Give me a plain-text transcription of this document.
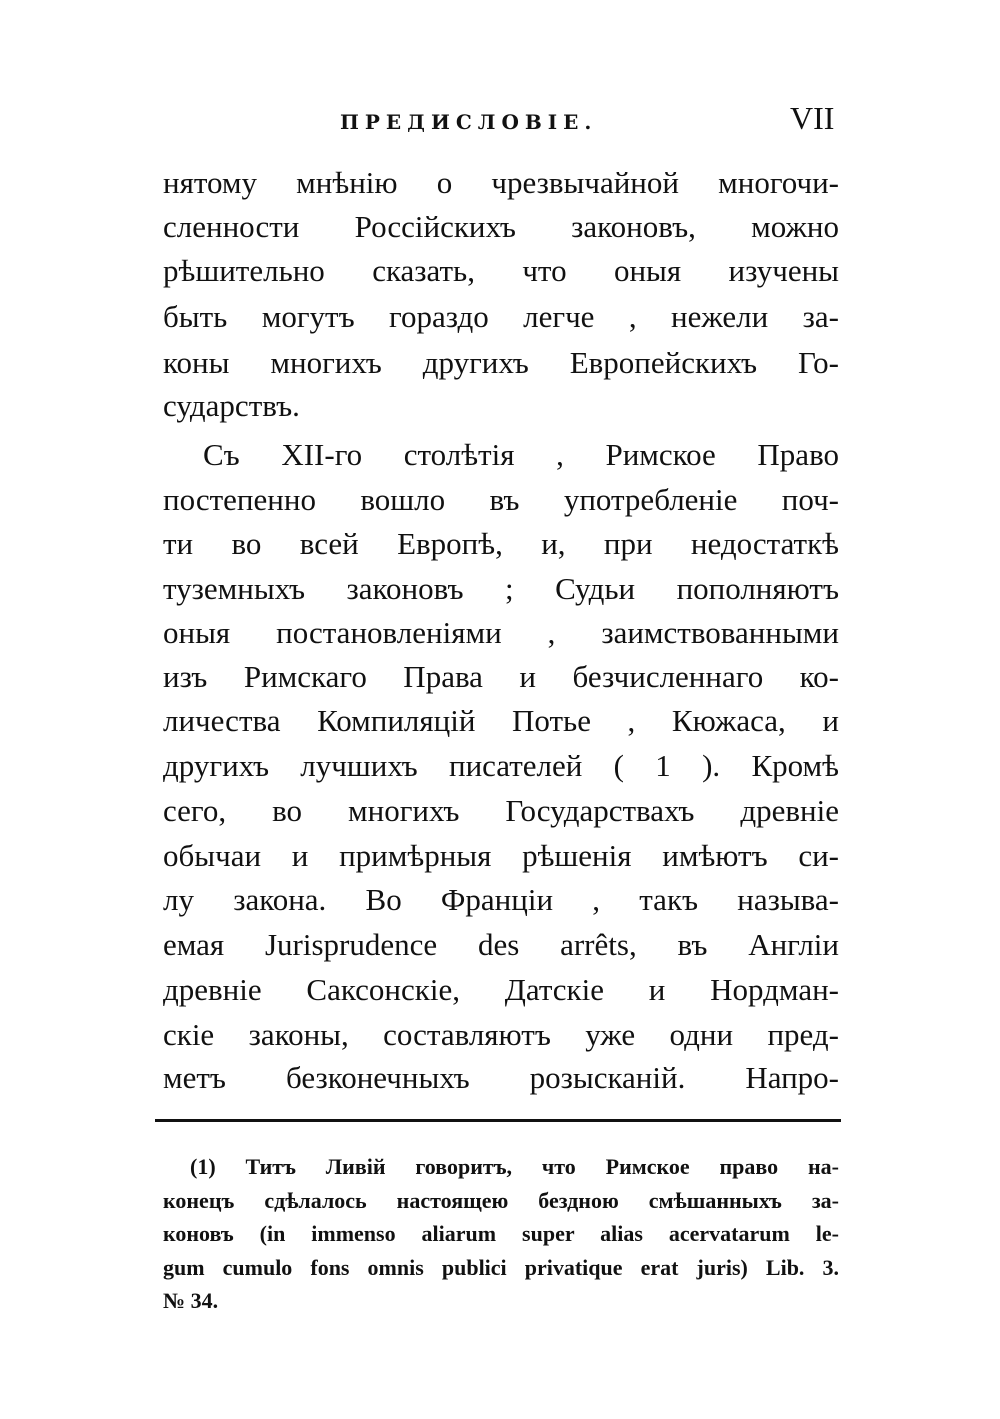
ПРЕДИСЛОВІЕ.	VII
нятому мнѣнію о чрезвычайной многочи-
сленности Россійскихъ законовъ, можно
рѣшительно сказать, что оныя изучены
быть могутъ гораздо легче , нежели за-
коны многихъ другихъ Европейскихъ Го-
сударствъ.
Съ XII-го столѣтія , Римское Право
постепенно вошло въ употребленіе поч-
ти во всей Европѣ, и, при недостаткѣ
туземныхъ законовъ ; Судьи пополняютъ
оныя постановленіями , заимствованными
изъ Римскаго Права и безчисленнаго ко-
личества Компиляцій Потье , Кюжаса, и
другихъ лучшихъ писателей ( 1 ). Кромѣ
сего, во многихъ Государствахъ древніе
обычаи и примѣрныя рѣшенія имѣютъ си-
лу закона. Во Франціи , такъ называ-
емая Jurisprudence des arrêts, въ Англіи
древніе Саксонскіе, Датскіе и Нордман-
скіе законы, составляютъ уже одни пред-
метъ безконечныхъ розысканій. Напро-
(1) Титъ Ливій говоритъ, что Римское право на-
конецъ сдѣлалось настоящею бездною смѣшанныхъ за-
коновъ (in immenso aliarum super alias acervatarum le-
gum cumulo fons omnis publici privatique erat juris) Lib. 3.
№ 34.
